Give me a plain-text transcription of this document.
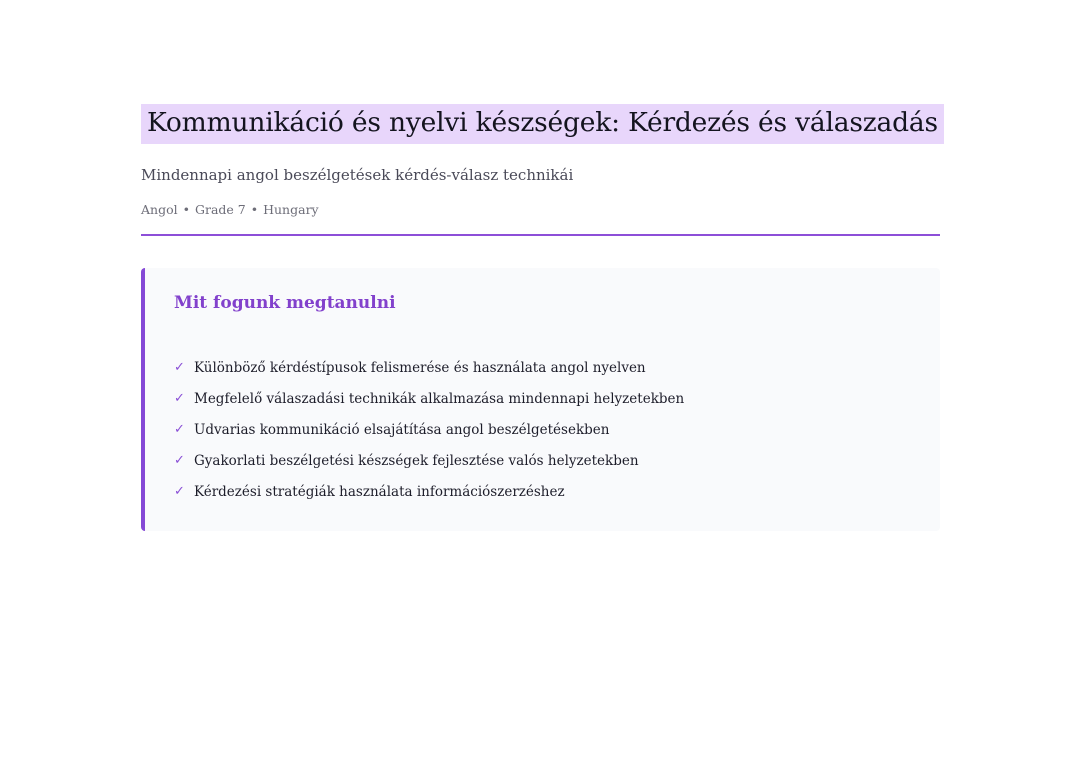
Kommunikáció és nyelvi készségek: Kérdezés és válaszadás

Mindennapi angol beszélgetések kérdés-válasz technikái

Angol • Grade 7 • Hungary

Mit fogunk megtanulni
✓ Különböző kérdéstípusok felismerése és használata angol nyelven
✓ Megfelelő válaszadási technikák alkalmazása mindennapi helyzetekben
✓ Udvarias kommunikáció elsajátítása angol beszélgetésekben
✓ Gyakorlati beszélgetési készségek fejlesztése valós helyzetekben
✓ Kérdezési stratégiák használata információszerzéshez
